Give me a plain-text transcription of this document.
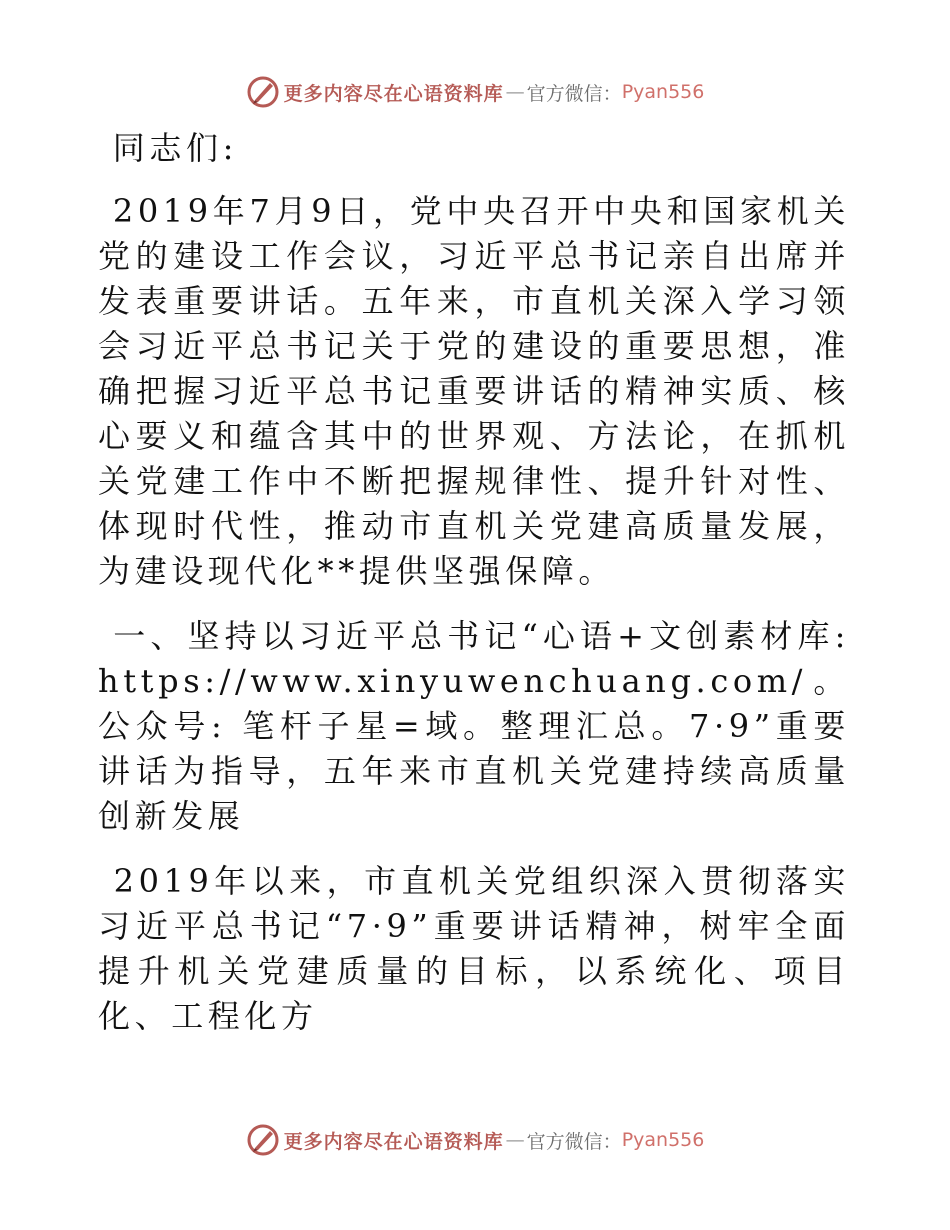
更多内容尽在心语资料库 — 官方微信： Pyan556

同志们:

2019年7月9日，党中央召开中央和国家机关党的建设工作会议，习近平总书记亲自出席并发表重要讲话。五年来，市直机关深入学习领会习近平总书记关于党的建设的重要思想，准确把握习近平总书记重要讲话的精神实质、核心要义和蕴含其中的世界观、方法论，在抓机关党建工作中不断把握规律性、提升针对性、体现时代性，推动市直机关党建高质量发展，为建设现代化**提供坚强保障。

一、坚持以习近平总书记“心语+文创素材库: https://www.xinyuwenchuang.com/。公众号: 笔杆子星=域。整理汇总。7·9”重要讲话为指导，五年来市直机关党建持续高质量创新发展

2019年以来，市直机关党组织深入贯彻落实习近平总书记“7·9”重要讲话精神，树牢全面提升机关党建质量的目标，以系统化、项目化、工程化方

更多内容尽在心语资料库 — 官方微信： Pyan556
